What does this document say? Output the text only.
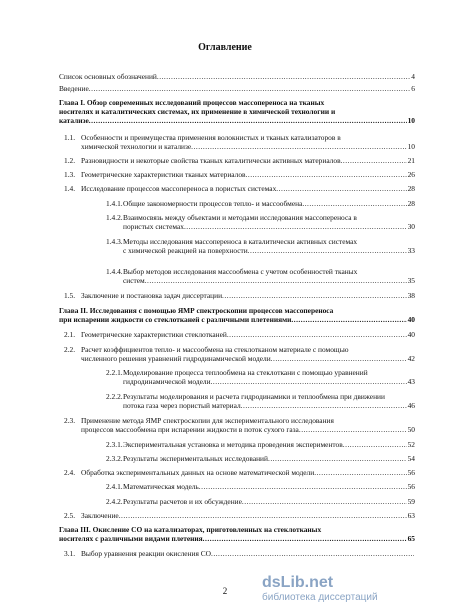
Оглавление
Список основных обозначений .....	4
Введение .....	6
Глава I. Обзор современных исследований процессов массопереноса на тканых
носителях и каталитических системах, их применение в химической технологии и
катализе .....	10
1.1. Особенности и преимущества применения волокнистых и тканых катализаторов в
химической технологии и катализе .....	10
1.2. Разновидности и некоторые свойства тканых каталитически активных материалов .....	21
1.3. Геометрические характеристики тканых материалов .....	26
1.4. Исследование процессов массопереноса в пористых системах .....	28
1.4.1. Общие закономерности процессов тепло- и массообмена .....	28
1.4.2. Взаимосвязь между объектами и методами исследования массопереноса в
пористых системах .....	30
1.4.3. Методы исследования массопереноса в каталитически активных системах
с химической реакцией на поверхности .....	33
1.4.4. Выбор методов исследования массообмена с учетом особенностей тканых
систем .....	35
1.5. Заключение и постановка задач диссертации .....	38
Глава II. Исследования с помощью ЯМР спектроскопии процессов массопереноса
при испарении жидкости со стеклотканей с различными плетениями .....	40
2.1. Геометрические характеристики стеклотканей .....	40
2.2. Расчет коэффициентов тепло- и массообмена на стеклотканом материале с помощью
численного решения уравнений гидродинамической модели .....	42
2.2.1. Моделирование процесса теплообмена на стеклоткани с помощью уравнений
гидродинамической модели .....	43
2.2.2. Результаты моделирования и расчета гидродинамики и теплообмена при движении
потока газа через пористый материал .....	46
2.3. Применение метода ЯМР спектроскопии для экспериментального исследования
процессов массообмена при испарении жидкости в поток сухого газа .....	50
2.3.1. Экспериментальная установка и методика проведения экспериментов .....	52
2.3.2. Результаты экспериментальных исследований .....	54
2.4. Обработка экспериментальных данных на основе математической модели .....	56
2.4.1. Математическая модель .....	56
2.4.2. Результаты расчетов и их обсуждение .....	59
2.5. Заключение .....	63
Глава III. Окисление СО на катализаторах, приготовленных на стеклотканых
носителях с различными видами плетения .....	65
3.1. Выбор уравнения реакции окисления СО
.....
2	dsLib.net
библиотека диссертаций
